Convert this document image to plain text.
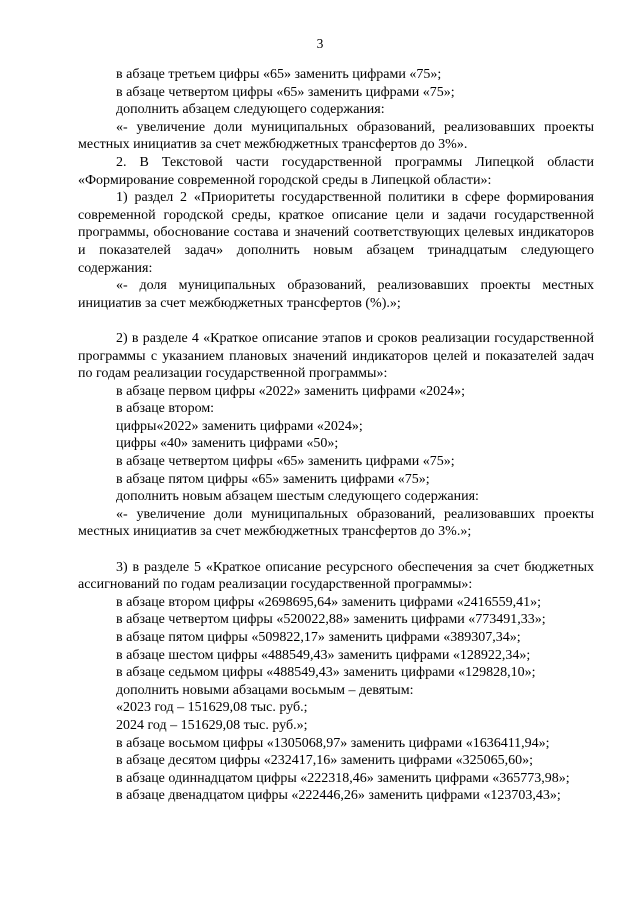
3

в абзаце третьем цифры «65» заменить цифрами «75»;

в абзаце четвертом цифры «65» заменить цифрами «75»;

дополнить абзацем следующего содержания:

«- увеличение доли муниципальных образований, реализовавших проекты местных инициатив за счет межбюджетных трансфертов до 3%».

2. В Текстовой части государственной программы Липецкой области «Формирование современной городской среды в Липецкой области»:

1) раздел 2 «Приоритеты государственной политики в сфере формирования современной городской среды, краткое описание цели и задачи государственной программы, обоснование состава и значений соответствующих целевых индикаторов и показателей задач» дополнить новым абзацем тринадцатым следующего содержания:

«- доля муниципальных образований, реализовавших проекты местных инициатив за счет межбюджетных трансфертов (%).»;

2) в разделе 4 «Краткое описание этапов и сроков реализации государственной программы с указанием плановых значений индикаторов целей и показателей задач по годам реализации государственной программы»:

в абзаце первом цифры «2022» заменить цифрами «2024»;

в абзаце втором:

цифры«2022» заменить цифрами «2024»;

цифры «40» заменить цифрами «50»;

в абзаце четвертом цифры «65» заменить цифрами «75»;

в абзаце пятом цифры «65» заменить цифрами «75»;

дополнить новым абзацем шестым следующего содержания:

«- увеличение доли муниципальных образований, реализовавших проекты местных инициатив за счет межбюджетных трансфертов до 3%.»;

3) в разделе 5 «Краткое описание ресурсного обеспечения за счет бюджетных ассигнований по годам реализации государственной программы»:

в абзаце втором цифры «2698695,64» заменить цифрами «2416559,41»;

в абзаце четвертом цифры «520022,88» заменить цифрами «773491,33»;

в абзаце пятом цифры «509822,17» заменить цифрами «389307,34»;

в абзаце шестом цифры «488549,43» заменить цифрами «128922,34»;

в абзаце седьмом цифры «488549,43» заменить цифрами «129828,10»;

дополнить новыми абзацами восьмым – девятым:

«2023 год – 151629,08 тыс. руб.;

2024 год – 151629,08 тыс. руб.»;

в абзаце восьмом цифры «1305068,97» заменить цифрами «1636411,94»;

в абзаце десятом цифры «232417,16» заменить цифрами «325065,60»;

в абзаце одиннадцатом цифры «222318,46» заменить цифрами «365773,98»;

в абзаце двенадцатом цифры «222446,26» заменить цифрами «123703,43»;
